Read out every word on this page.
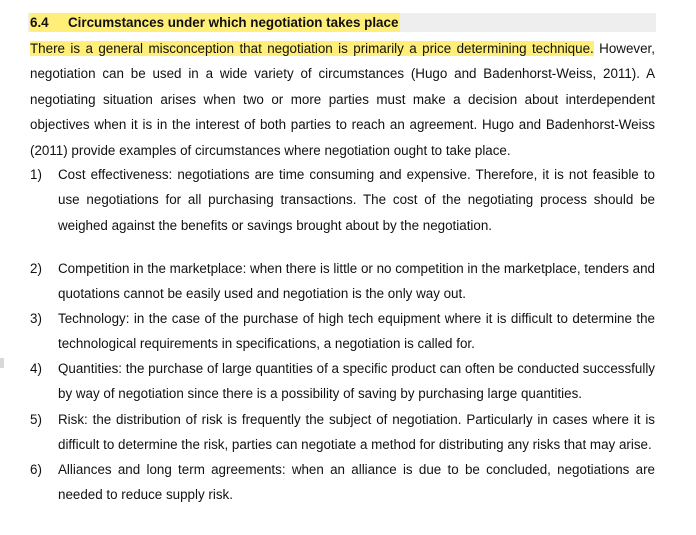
6.4 Circumstances under which negotiation takes place
There is a general misconception that negotiation is primarily a price determining technique. However, negotiation can be used in a wide variety of circumstances (Hugo and Badenhorst-Weiss, 2011). A negotiating situation arises when two or more parties must make a decision about interdependent objectives when it is in the interest of both parties to reach an agreement. Hugo and Badenhorst-Weiss (2011) provide examples of circumstances where negotiation ought to take place.
1)	Cost effectiveness: negotiations are time consuming and expensive. Therefore, it is not feasible to use negotiations for all purchasing transactions. The cost of the negotiating process should be weighed against the benefits or savings brought about by the negotiation.
2)	Competition in the marketplace: when there is little or no competition in the marketplace, tenders and quotations cannot be easily used and negotiation is the only way out.
3)	Technology: in the case of the purchase of high tech equipment where it is difficult to determine the technological requirements in specifications, a negotiation is called for.
4)	Quantities: the purchase of large quantities of a specific product can often be conducted successfully by way of negotiation since there is a possibility of saving by purchasing large quantities.
5)	Risk: the distribution of risk is frequently the subject of negotiation. Particularly in cases where it is difficult to determine the risk, parties can negotiate a method for distributing any risks that may arise.
6)	Alliances and long term agreements: when an alliance is due to be concluded, negotiations are needed to reduce supply risk.
